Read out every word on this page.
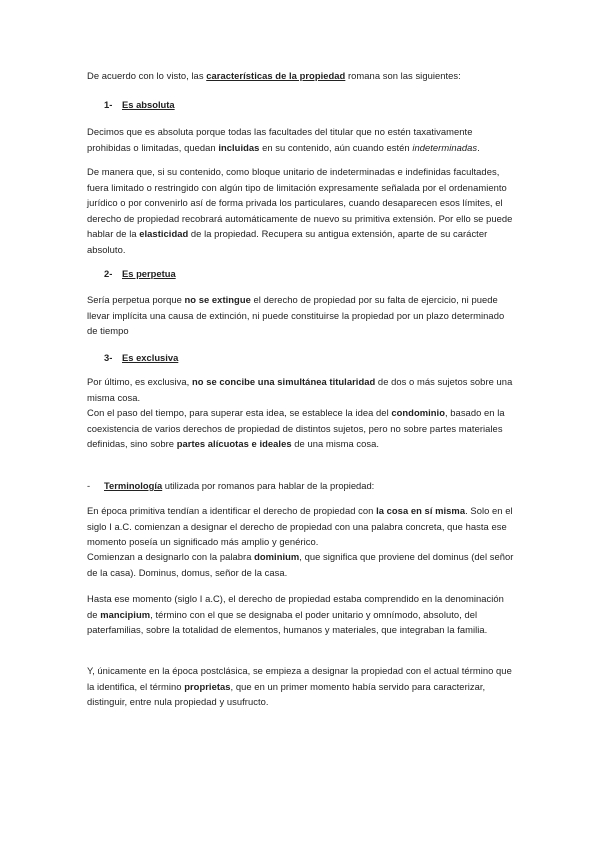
De acuerdo con lo visto, las características de la propiedad romana son las siguientes:

1- Es absoluta

Decimos que es absoluta porque todas las facultades del titular que no estén taxativamente prohibidas o limitadas, quedan incluidas en su contenido, aún cuando estén indeterminadas.

De manera que, si su contenido, como bloque unitario de indeterminadas e indefinidas facultades, fuera limitado o restringido con algún tipo de limitación expresamente señalada por el ordenamiento jurídico o por convenirlo así de forma privada los particulares, cuando desaparecen esos límites, el derecho de propiedad recobrará automáticamente de nuevo su primitiva extensión. Por ello se puede hablar de la elasticidad de la propiedad. Recupera su antigua extensión, aparte de su carácter absoluto.

2- Es perpetua

Sería perpetua porque no se extingue el derecho de propiedad por su falta de ejercicio, ni puede llevar implícita una causa de extinción, ni puede constituirse la propiedad por un plazo determinado de tiempo

3- Es exclusiva

Por último, es exclusiva, no se concibe una simultánea titularidad de dos o más sujetos sobre una misma cosa.

Con el paso del tiempo, para superar esta idea, se establece la idea del condominio, basado en la coexistencia de varios derechos de propiedad de distintos sujetos, pero no sobre partes materiales definidas, sino sobre partes alícuotas e ideales de una misma cosa.

- Terminología utilizada por romanos para hablar de la propiedad:

En época primitiva tendían a identificar el derecho de propiedad con la cosa en sí misma. Solo en el siglo I a.C. comienzan a designar el derecho de propiedad con una palabra concreta, que hasta ese momento poseía un significado más amplio y genérico.

Comienzan a designarlo con la palabra dominium, que significa que proviene del dominus (del señor de la casa). Dominus, domus, señor de la casa.

Hasta ese momento (siglo I a.C), el derecho de propiedad estaba comprendido en la denominación de mancipium, término con el que se designaba el poder unitario y omnímodo, absoluto, del paterfamilias, sobre la totalidad de elementos, humanos y materiales, que integraban la familia.

Y, únicamente en la época postclásica, se empieza a designar la propiedad con el actual término que la identifica, el término proprietas, que en un primer momento había servido para caracterizar, distinguir, entre nula propiedad y usufructo.
